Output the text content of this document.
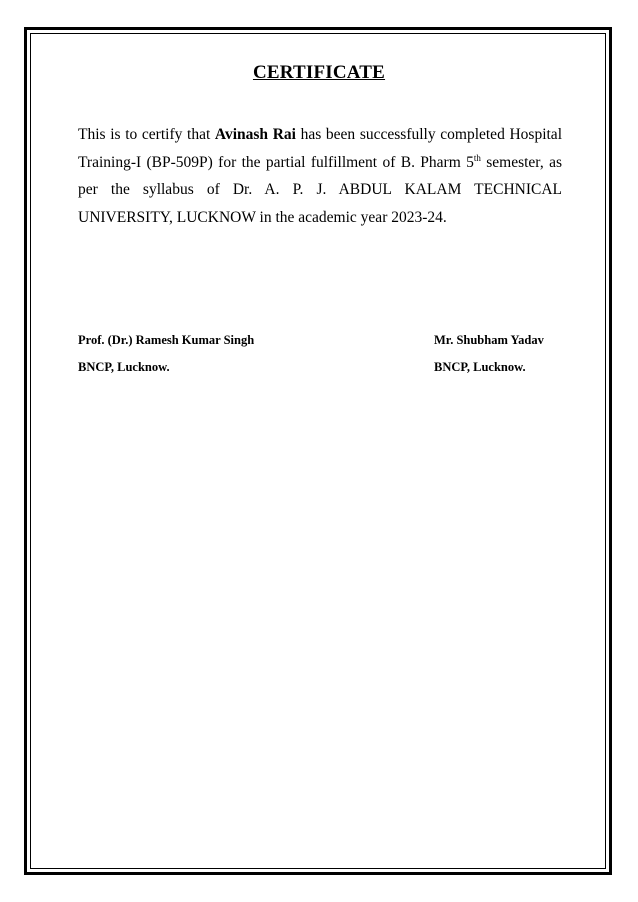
CERTIFICATE
This is to certify that Avinash Rai has been successfully completed Hospital Training-I (BP-509P) for the partial fulfillment of B. Pharm 5th semester, as per the syllabus of Dr. A. P. J. ABDUL KALAM TECHNICAL UNIVERSITY, LUCKNOW in the academic year 2023-24.
Prof. (Dr.) Ramesh Kumar Singh
BNCP, Lucknow.
Mr. Shubham Yadav
BNCP, Lucknow.
